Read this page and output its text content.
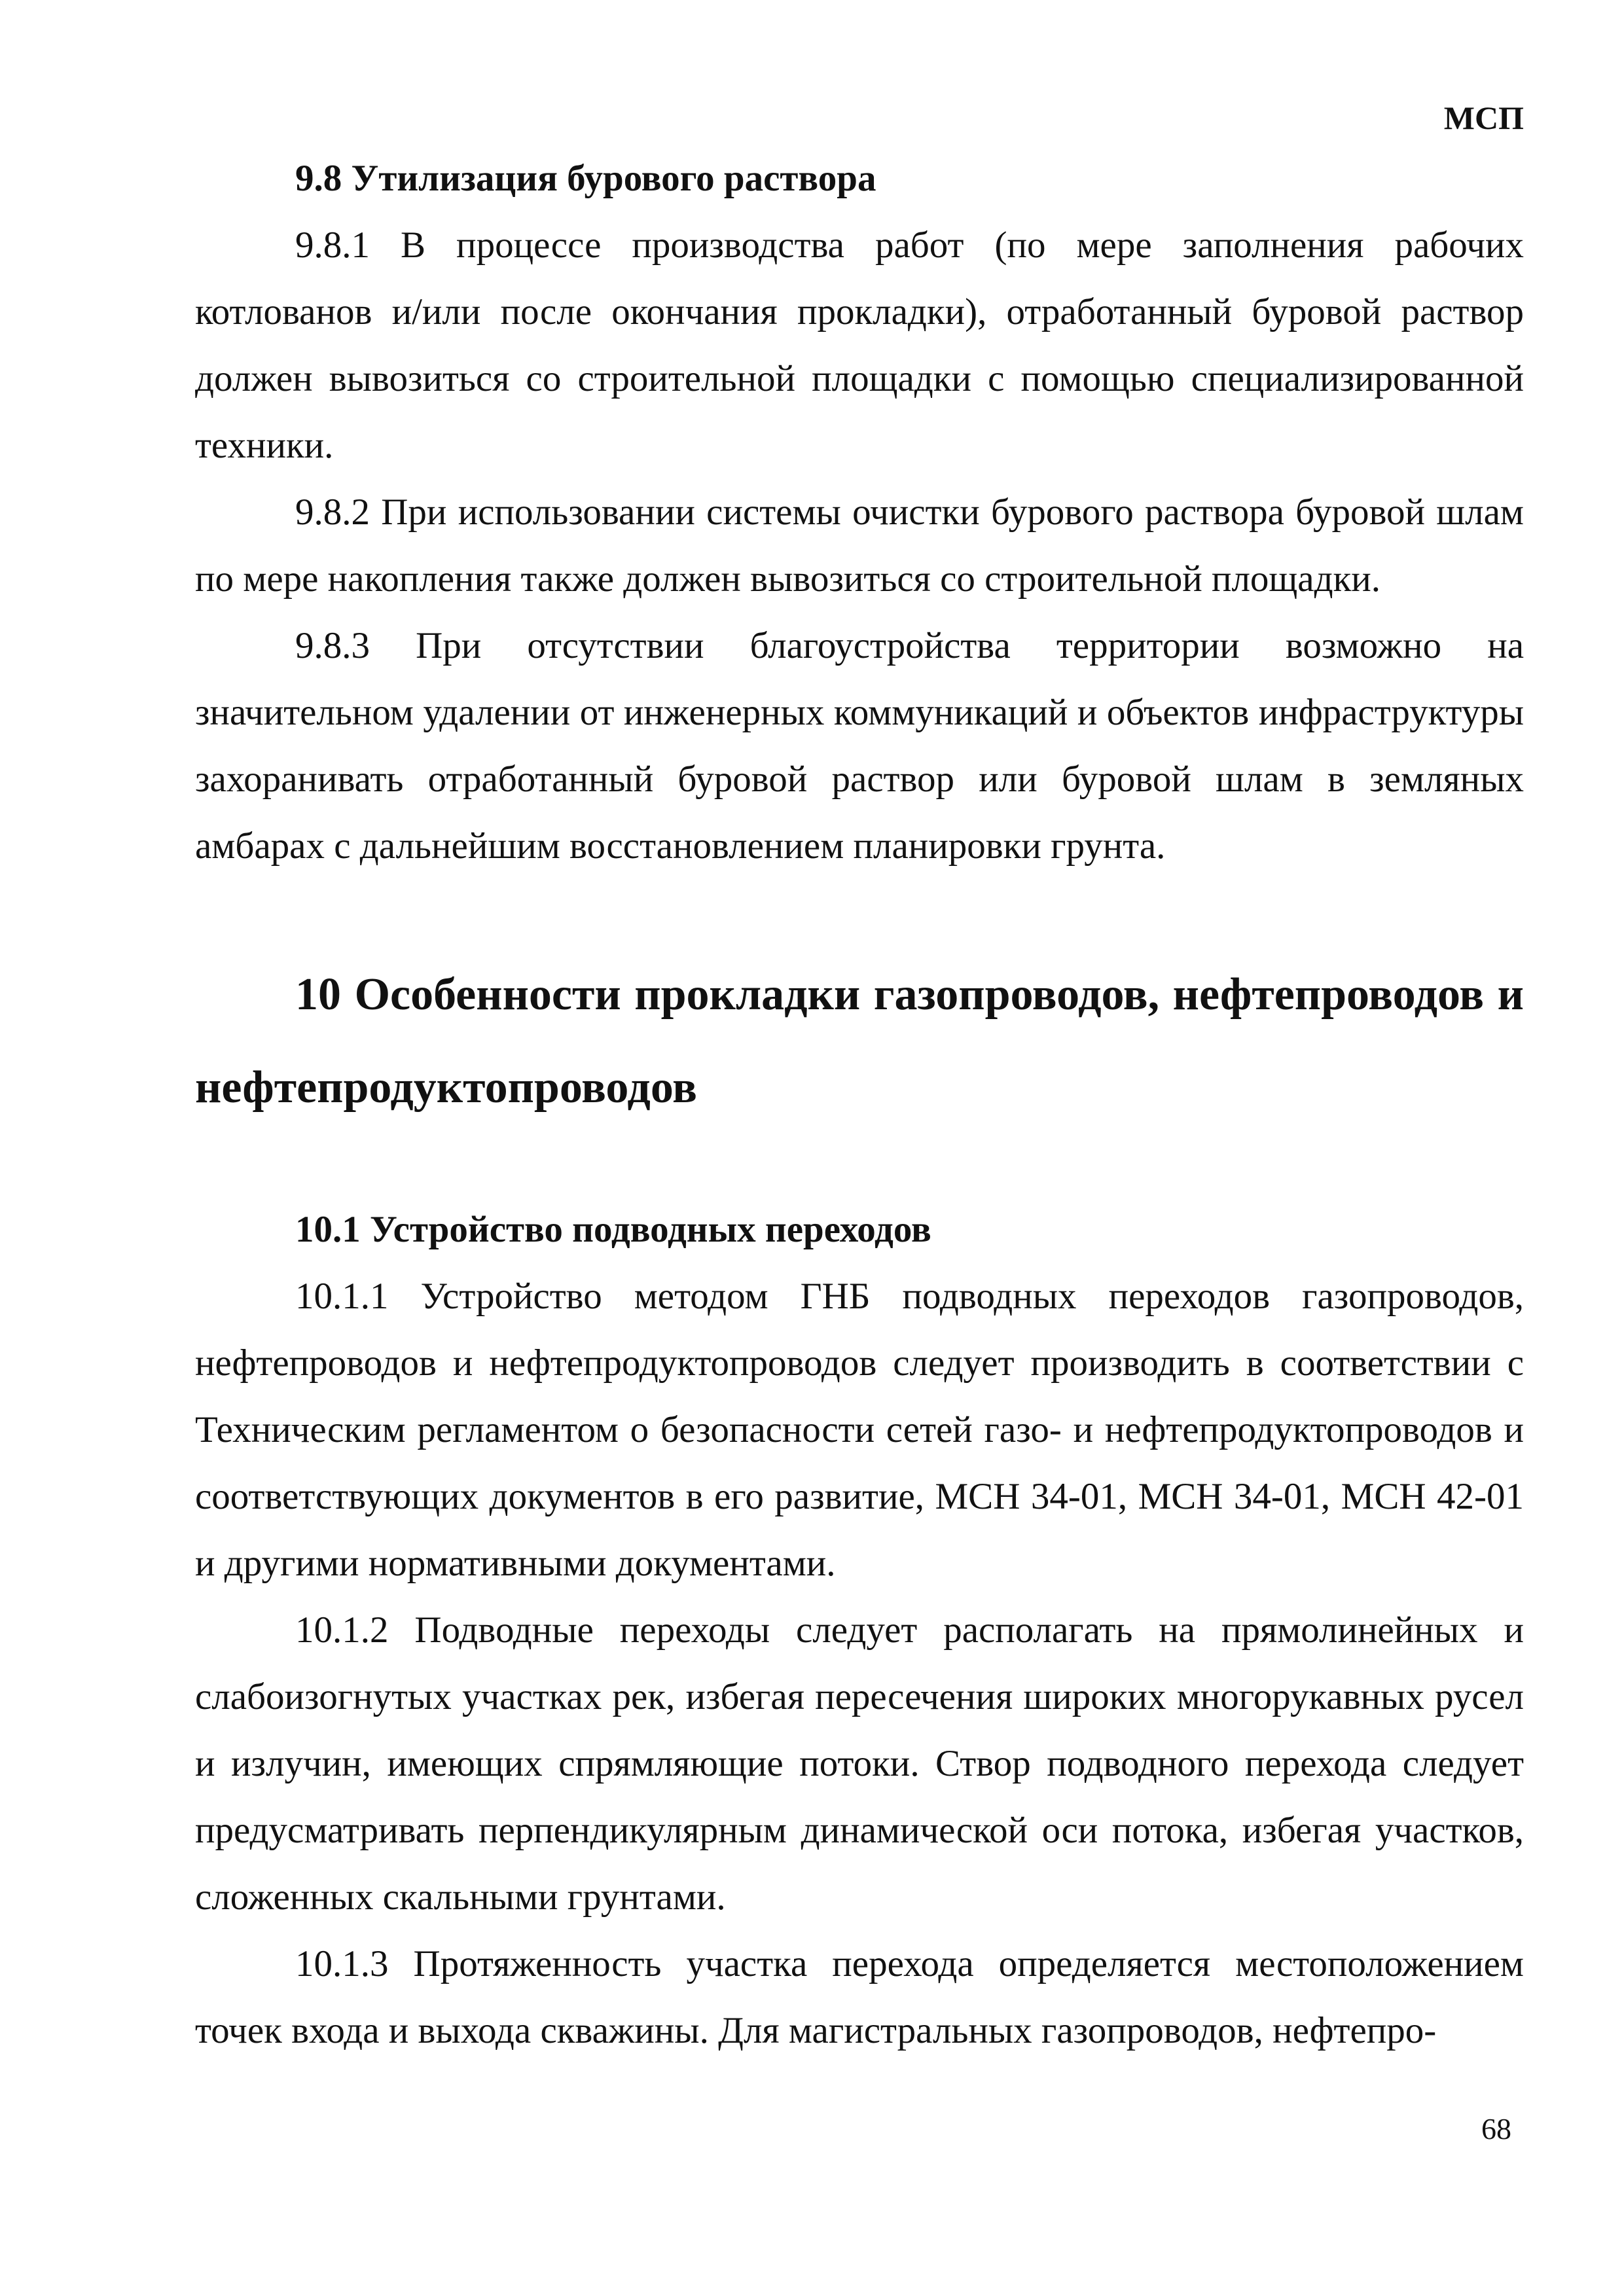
МСП

9.8 Утилизация бурового раствора

9.8.1 В процессе производства работ (по мере заполнения рабочих котлованов и/или после окончания прокладки), отработанный буровой раствор должен вывозиться со строительной площадки с помощью специализированной техники.

9.8.2 При использовании системы очистки бурового раствора буровой шлам по мере накопления также должен вывозиться со строительной площадки.

9.8.3 При отсутствии благоустройства территории возможно на значительном удалении от инженерных коммуникаций и объектов инфраструктуры захоранивать отработанный буровой раствор или буровой шлам в земляных амбарах с дальнейшим восстановлением планировки грунта.

10 Особенности прокладки газопроводов, нефтепроводов и нефтепродуктопроводов

10.1 Устройство подводных переходов

10.1.1 Устройство методом ГНБ подводных переходов газопроводов, нефтепроводов и нефтепродуктопроводов следует производить в соответствии с Техническим регламентом о безопасности сетей газо- и нефтепродуктопроводов и соответствующих документов в его развитие, МСН 34-01, МСН 34-01, МСН 42-01 и другими нормативными документами.

10.1.2 Подводные переходы следует располагать на прямолинейных и слабоизогнутых участках рек, избегая пересечения широких многорукавных русел и излучин, имеющих спрямляющие потоки. Створ подводного перехода следует предусматривать перпендикулярным динамической оси потока, избегая участков, сложенных скальными грунтами.

10.1.3 Протяженность участка перехода определяется местоположением точек входа и выхода скважины. Для магистральных газопроводов, нефтепро-

68
